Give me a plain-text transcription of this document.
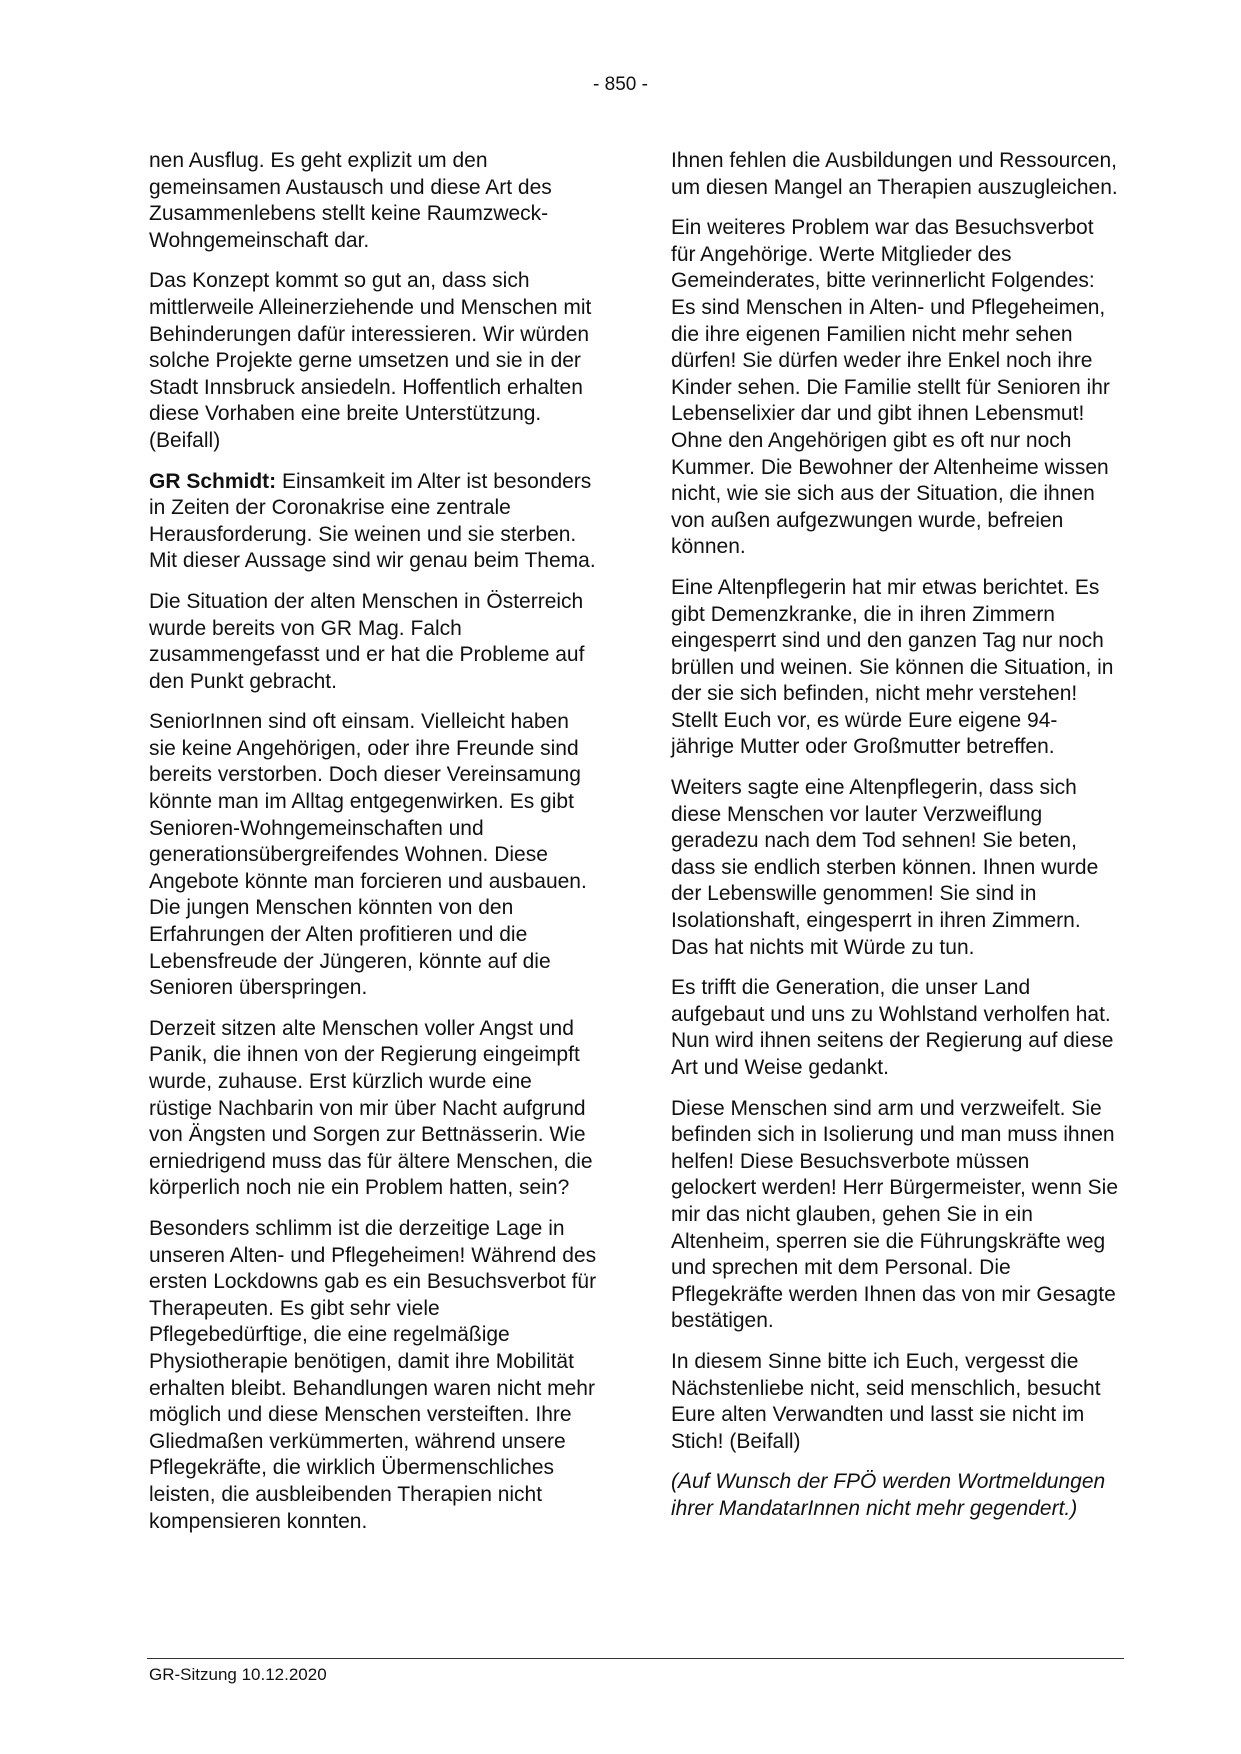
- 850 -

nen Ausflug. Es geht explizit um den gemeinsamen Austausch und diese Art des Zusammenlebens stellt keine Raumzweck-Wohngemeinschaft dar.

Das Konzept kommt so gut an, dass sich mittlerweile Alleinerziehende und Menschen mit Behinderungen dafür interessieren. Wir würden solche Projekte gerne umsetzen und sie in der Stadt Innsbruck ansiedeln. Hoffentlich erhalten diese Vorhaben eine breite Unterstützung. (Beifall)

GR Schmidt: Einsamkeit im Alter ist besonders in Zeiten der Coronakrise eine zentrale Herausforderung. Sie weinen und sie sterben. Mit dieser Aussage sind wir genau beim Thema.

Die Situation der alten Menschen in Österreich wurde bereits von GR Mag. Falch zusammengefasst und er hat die Probleme auf den Punkt gebracht.

SeniorInnen sind oft einsam. Vielleicht haben sie keine Angehörigen, oder ihre Freunde sind bereits verstorben. Doch dieser Vereinsamung könnte man im Alltag entgegenwirken. Es gibt Senioren-Wohngemeinschaften und generationsübergreifendes Wohnen. Diese Angebote könnte man forcieren und ausbauen. Die jungen Menschen könnten von den Erfahrungen der Alten profitieren und die Lebensfreude der Jüngeren, könnte auf die Senioren überspringen.

Derzeit sitzen alte Menschen voller Angst und Panik, die ihnen von der Regierung eingeimpft wurde, zuhause. Erst kürzlich wurde eine rüstige Nachbarin von mir über Nacht aufgrund von Ängsten und Sorgen zur Bettnässerin. Wie erniedrigend muss das für ältere Menschen, die körperlich noch nie ein Problem hatten, sein?

Besonders schlimm ist die derzeitige Lage in unseren Alten- und Pflegeheimen! Während des ersten Lockdowns gab es ein Besuchsverbot für Therapeuten. Es gibt sehr viele Pflegebedürftige, die eine regelmäßige Physiotherapie benötigen, damit ihre Mobilität erhalten bleibt. Behandlungen waren nicht mehr möglich und diese Menschen versteiften. Ihre Gliedmaßen verkümmerten, während unsere Pflegekräfte, die wirklich Übermenschliches leisten, die ausbleibenden Therapien nicht kompensieren konnten.

Ihnen fehlen die Ausbildungen und Ressourcen, um diesen Mangel an Therapien auszugleichen.

Ein weiteres Problem war das Besuchsverbot für Angehörige. Werte Mitglieder des Gemeinderates, bitte verinnerlicht Folgendes: Es sind Menschen in Alten- und Pflegeheimen, die ihre eigenen Familien nicht mehr sehen dürfen! Sie dürfen weder ihre Enkel noch ihre Kinder sehen. Die Familie stellt für Senioren ihr Lebenselixier dar und gibt ihnen Lebensmut! Ohne den Angehörigen gibt es oft nur noch Kummer. Die Bewohner der Altenheime wissen nicht, wie sie sich aus der Situation, die ihnen von außen aufgezwungen wurde, befreien können.

Eine Altenpflegerin hat mir etwas berichtet. Es gibt Demenzkranke, die in ihren Zimmern eingesperrt sind und den ganzen Tag nur noch brüllen und weinen. Sie können die Situation, in der sie sich befinden, nicht mehr verstehen! Stellt Euch vor, es würde Eure eigene 94-jährige Mutter oder Großmutter betreffen.

Weiters sagte eine Altenpflegerin, dass sich diese Menschen vor lauter Verzweiflung geradezu nach dem Tod sehnen! Sie beten, dass sie endlich sterben können. Ihnen wurde der Lebenswille genommen! Sie sind in Isolationshaft, eingesperrt in ihren Zimmern. Das hat nichts mit Würde zu tun.

Es trifft die Generation, die unser Land aufgebaut und uns zu Wohlstand verholfen hat. Nun wird ihnen seitens der Regierung auf diese Art und Weise gedankt.

Diese Menschen sind arm und verzweifelt. Sie befinden sich in Isolierung und man muss ihnen helfen! Diese Besuchsverbote müssen gelockert werden! Herr Bürgermeister, wenn Sie mir das nicht glauben, gehen Sie in ein Altenheim, sperren sie die Führungskräfte weg und sprechen mit dem Personal. Die Pflegekräfte werden Ihnen das von mir Gesagte bestätigen.

In diesem Sinne bitte ich Euch, vergesst die Nächstenliebe nicht, seid menschlich, besucht Eure alten Verwandten und lasst sie nicht im Stich! (Beifall)

(Auf Wunsch der FPÖ werden Wortmeldungen ihrer MandatarInnen nicht mehr gegendert.)

GR-Sitzung 10.12.2020
